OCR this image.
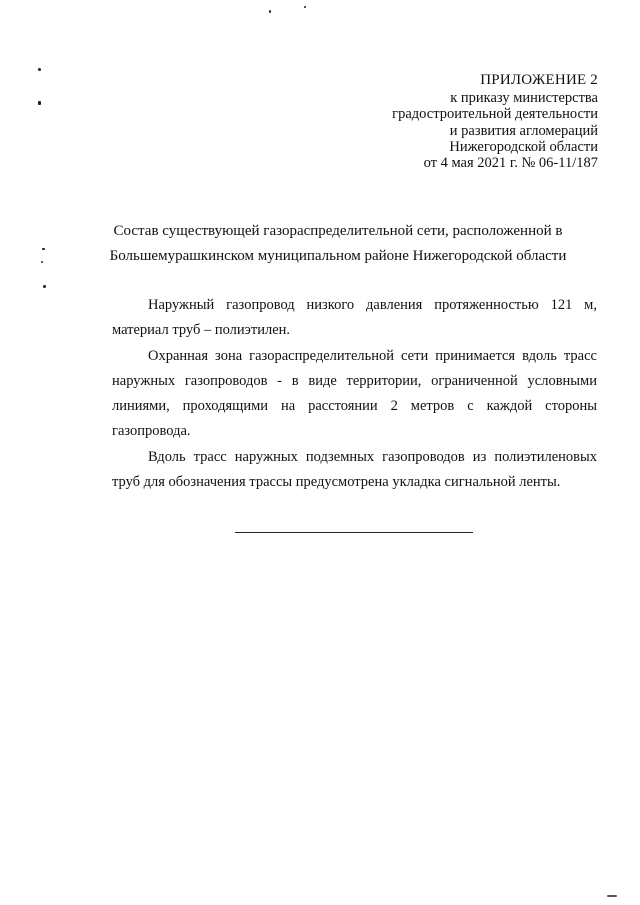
ПРИЛОЖЕНИЕ 2
к приказу министерства
градостроительной деятельности
и развития агломераций
Нижегородской области
от 4 мая 2021 г. № 06-11/187
Состав существующей газораспределительной сети, расположенной в
Большемурашкинском муниципальном районе Нижегородской области

Наружный газопровод низкого давления протяженностью 121 м, материал труб – полиэтилен.

Охранная зона газораспределительной сети принимается вдоль трасс наружных газопроводов - в виде территории, ограниченной условными линиями, проходящими на расстоянии 2 метров с каждой стороны газопровода.

Вдоль трасс наружных подземных газопроводов из полиэтиленовых труб для обозначения трассы предусмотрена укладка сигнальной ленты.
